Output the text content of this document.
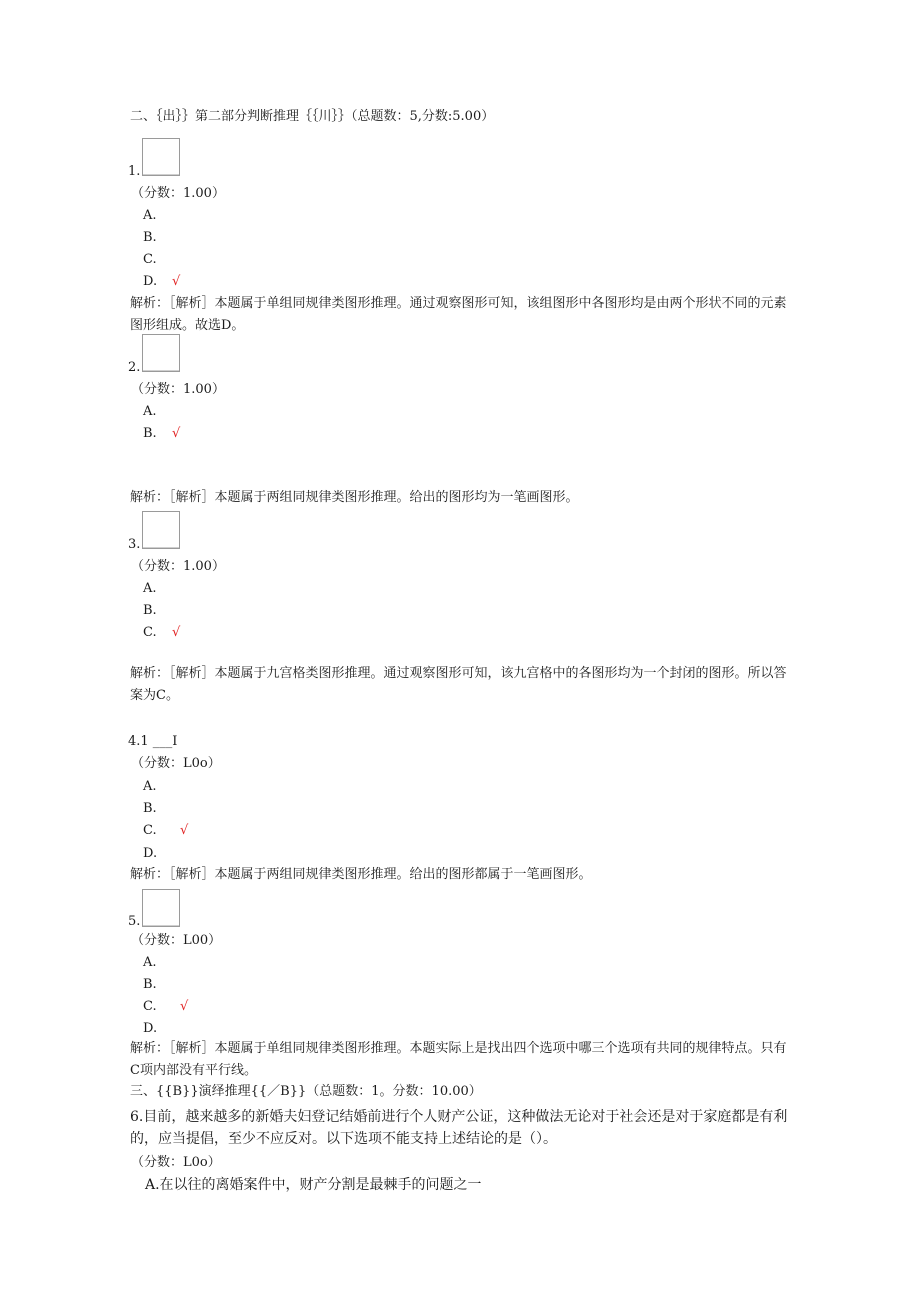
二、｛出｝｝第二部分判断推理｛｛川｝｝（总题数：5,分数:5.00）
1.
（分数：1.00）
A.
B.
C.
D. √
解析：［解析］本题属于单组同规律类图形推理。通过观察图形可知，该组图形中各图形均是由两个形状不同的元素图形组成。故选D。
2.
（分数：1.00）
A.
B. √
解析：［解析］本题属于两组同规律类图形推理。给出的图形均为一笔画图形。
3.
（分数：1.00）
A.
B.
C. √
解析：［解析］本题属于九宫格类图形推理。通过观察图形可知，该九宫格中的各图形均为一个封闭的图形。所以答案为C。
4.1 ___I
（分数：L0o）
A.
B.
C. √
D.
解析：［解析］本题属于两组同规律类图形推理。给出的图形都属于一笔画图形。
5.
（分数：L00）
A.
B.
C. √
D.
解析：［解析］本题属于单组同规律类图形推理。本题实际上是找出四个选项中哪三个选项有共同的规律特点。只有C项内部没有平行线。
三、{{B}}演绎推理{{／B}}（总题数：1。分数：10.00）
6.目前，越来越多的新婚夫妇登记结婚前进行个人财产公证，这种做法无论对于社会还是对于家庭都是有利的，应当提倡，至少不应反对。以下选项不能支持上述结论的是（）。
（分数：L0o）
A.在以往的离婚案件中，财产分割是最棘手的问题之一
